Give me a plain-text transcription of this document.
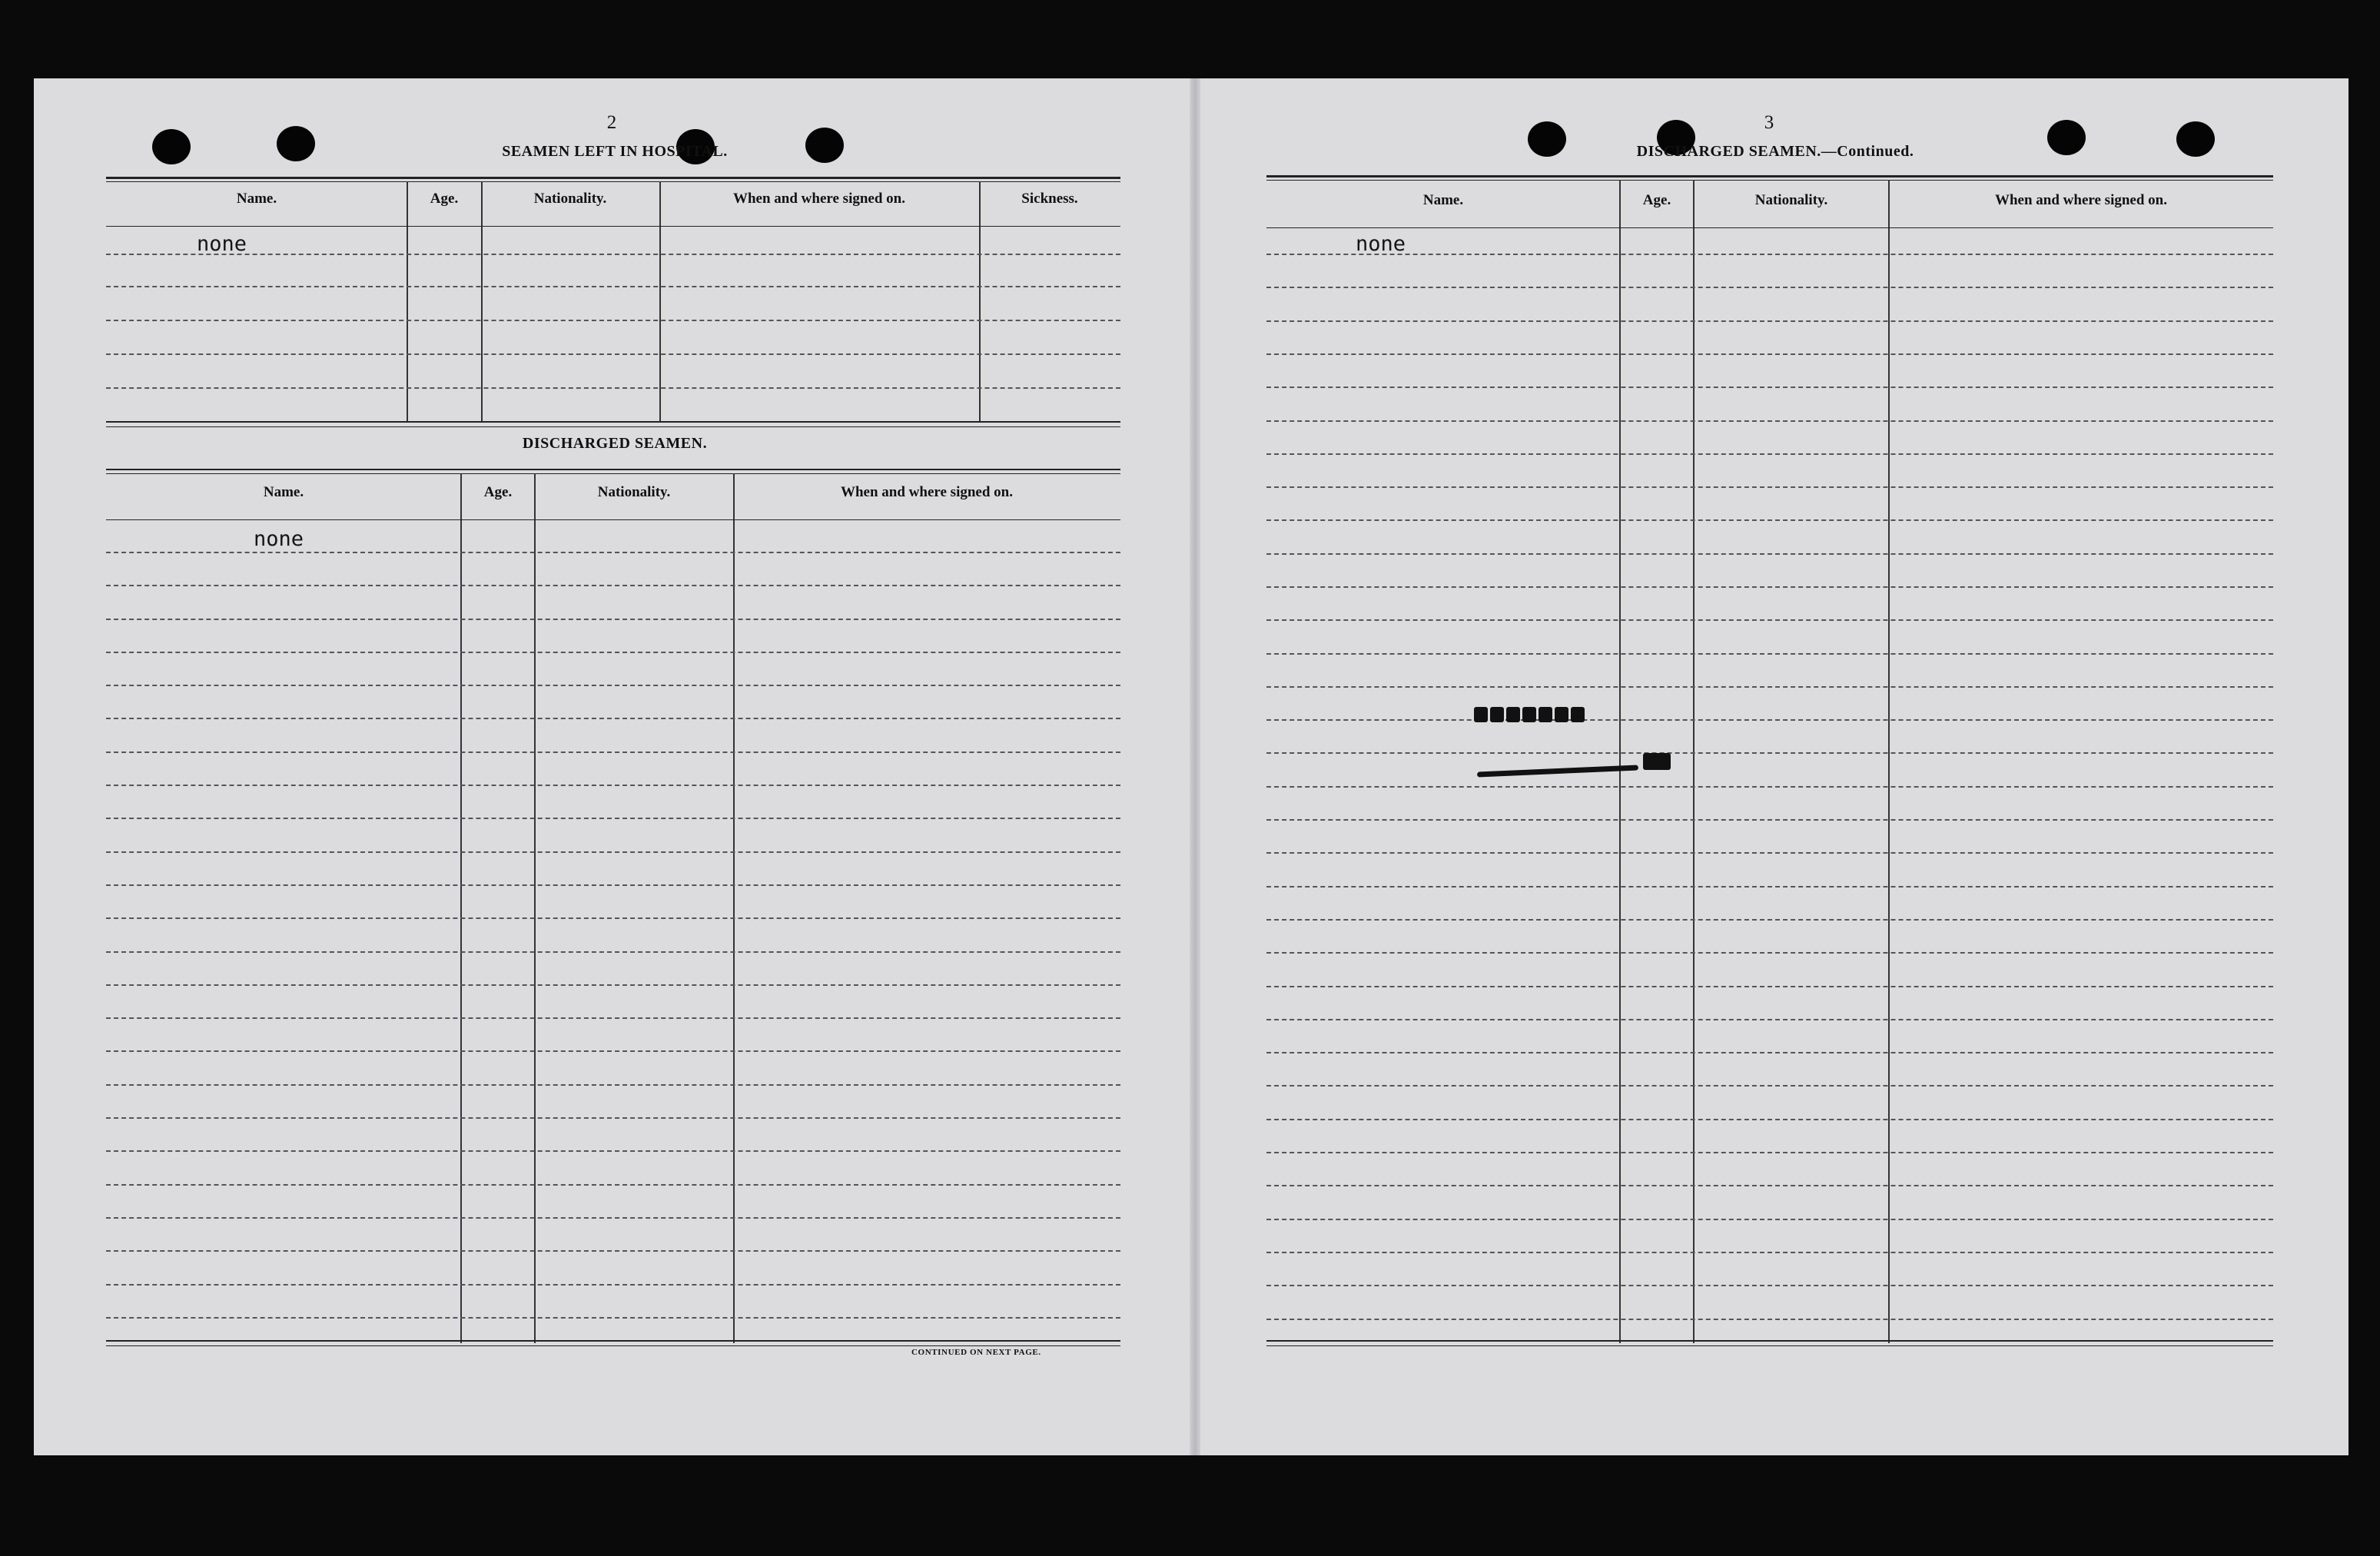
2
SEAMEN LEFT IN HOSPITAL.
Name.	Age.	Nationality.	When and where signed on.	Sickness.
none
DISCHARGED SEAMEN.
Name.	Age.	Nationality.	When and where signed on.
none
CONTINUED ON NEXT PAGE.
3
DISCHARGED SEAMEN.—Continued.
Name.	Age.	Nationality.	When and where signed on.
none
